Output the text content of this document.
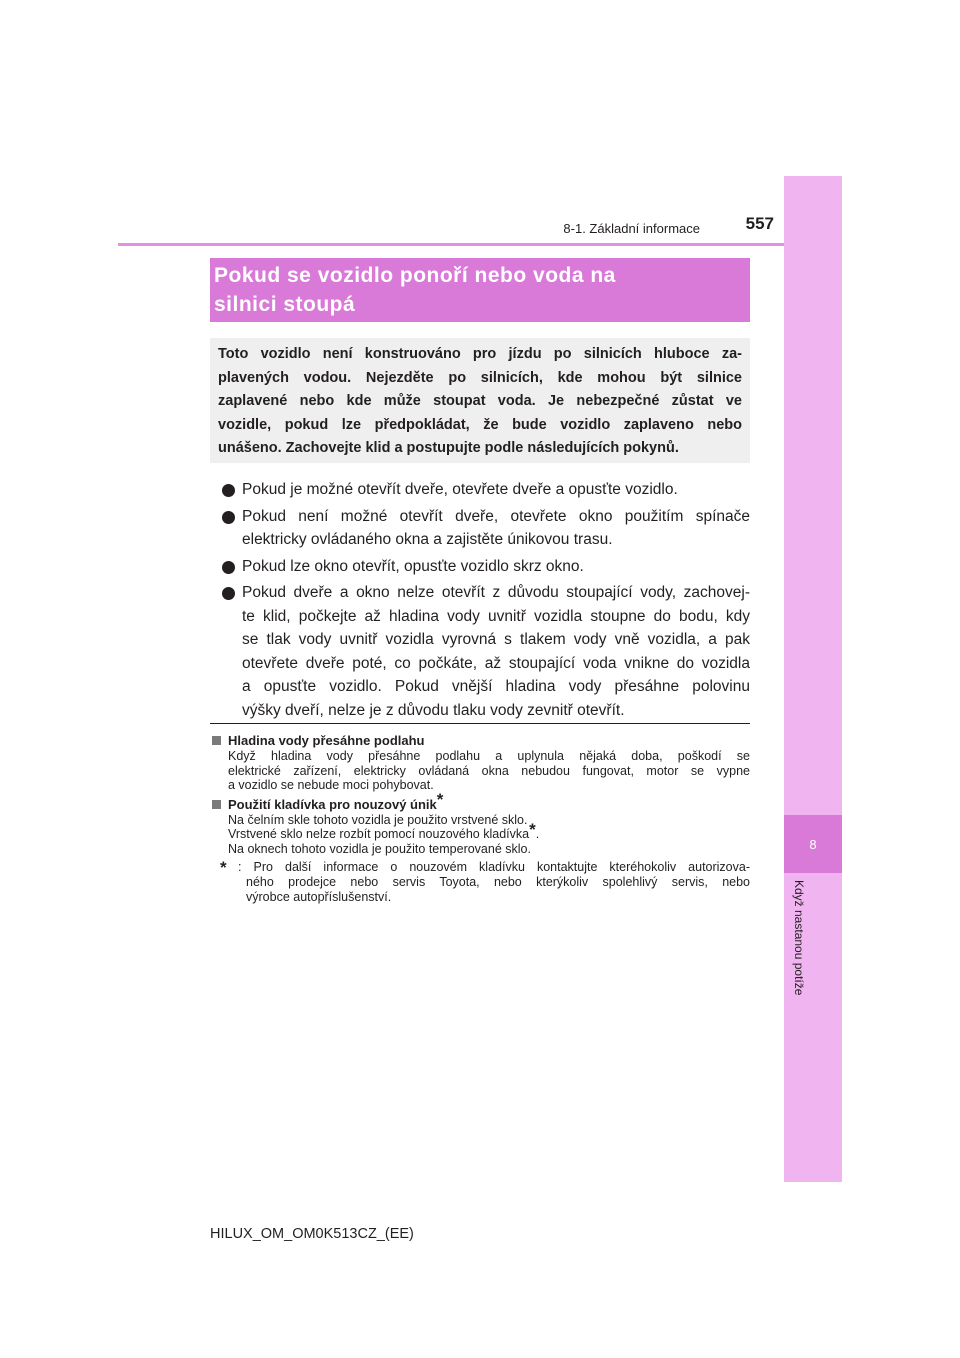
8
Když nastanou potíže
8-1. Základní informace	557
Pokud se vozidlo ponoří nebo voda na
silnici stoupá
Toto vozidlo není konstruováno pro jízdu po silnicích hluboce za-
plavených vodou. Nejezděte po silnicích, kde mohou být silnice
zaplavené nebo kde může stoupat voda. Je nebezpečné zůstat ve
vozidle, pokud lze předpokládat, že bude vozidlo zaplaveno nebo
unášeno. Zachovejte klid a postupujte podle následujících pokynů.
Pokud je možné otevřít dveře, otevřete dveře a opusťte vozidlo.
Pokud není možné otevřít dveře, otevřete okno použitím spínače
elektricky ovládaného okna a zajistěte únikovou trasu.
Pokud lze okno otevřít, opusťte vozidlo skrz okno.
Pokud dveře a okno nelze otevřít z důvodu stoupající vody, zachovej-
te klid, počkejte až hladina vody uvnitř vozidla stoupne do bodu, kdy
se tlak vody uvnitř vozidla vyrovná s tlakem vody vně vozidla, a pak
otevřete dveře poté, co počkáte, až stoupající voda vnikne do vozidla
a opusťte vozidlo. Pokud vnější hladina vody přesáhne polovinu
výšky dveří, nelze je z důvodu tlaku vody zevnitř otevřít.
Hladina vody přesáhne podlahu
Když hladina vody přesáhne podlahu a uplynula nějaká doba, poškodí se
elektrické zařízení, elektricky ovládaná okna nebudou fungovat, motor se vypne
a vozidlo se nebude moci pohybovat.
Použití kladívka pro nouzový únik*
Na čelním skle tohoto vozidla je použito vrstvené sklo.
Vrstvené sklo nelze rozbít pomocí nouzového kladívka*.
Na oknech tohoto vozidla je použito temperované sklo.
* : Pro další informace o nouzovém kladívku kontaktujte kteréhokoliv autorizova-
ného prodejce nebo servis Toyota, nebo kterýkoliv spolehlivý servis, nebo
výrobce autopříslušenství.
HILUX_OM_OM0K513CZ_(EE)
